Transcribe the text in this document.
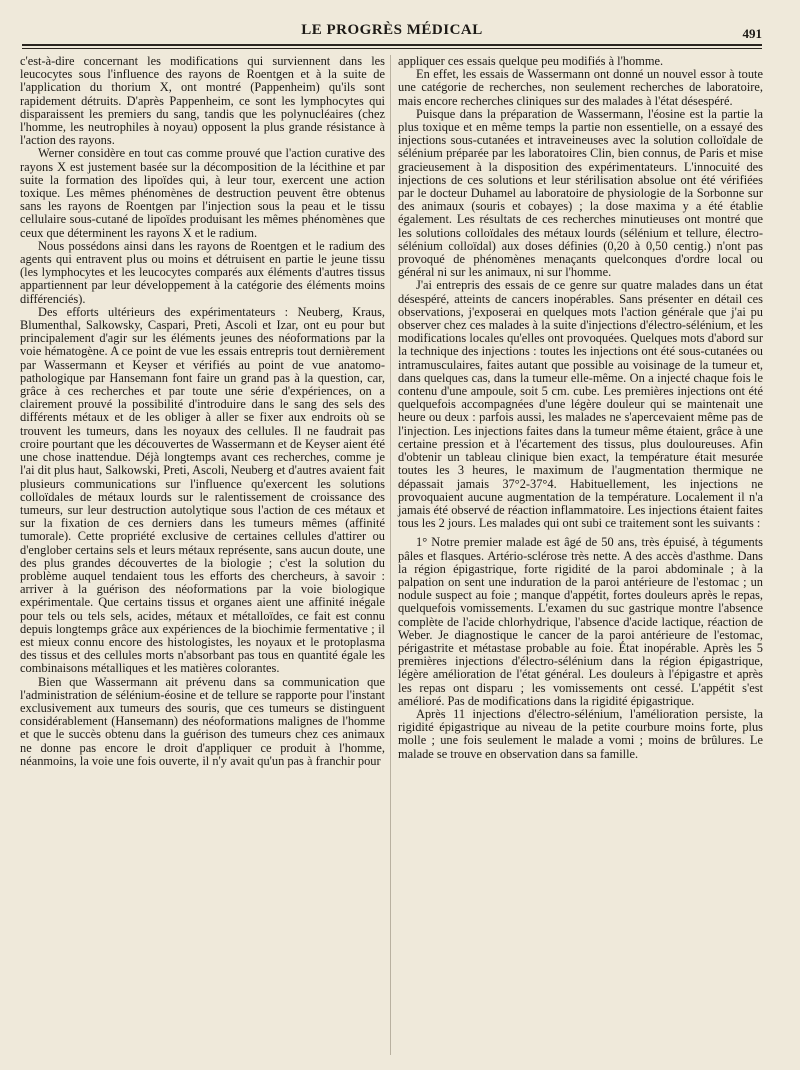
LE PROGRÈS MÉDICAL	491

c'est-à-dire concernant les modifications qui surviennent dans les leucocytes sous l'influence des rayons de Roentgen et à la suite de l'application du thorium X, ont montré (Pappenheim) qu'ils sont rapidement détruits. D'après Pappenheim, ce sont les lymphocytes qui disparaissent les premiers du sang, tandis que les polynucléaires (chez l'homme, les neutrophiles à noyau) opposent la plus grande résistance à l'action des rayons.

Werner considère en tout cas comme prouvé que l'action curative des rayons X est justement basée sur la décomposition de la lécithine et par suite la formation des lipoïdes qui, à leur tour, exercent une action toxique. Les mêmes phénomènes de destruction peuvent être obtenus sans les rayons de Roentgen par l'injection sous la peau et le tissu cellulaire sous-cutané de lipoïdes produisant les mêmes phénomènes que ceux que déterminent les rayons X et le radium.

Nous possédons ainsi dans les rayons de Roentgen et le radium des agents qui entravent plus ou moins et détruisent en partie le jeune tissu (les lymphocytes et les leucocytes comparés aux éléments d'autres tissus appartiennent par leur développement à la catégorie des éléments moins différenciés).

Des efforts ultérieurs des expérimentateurs : Neuberg, Kraus, Blumenthal, Salkowsky, Caspari, Preti, Ascoli et Izar, ont eu pour but principalement d'agir sur les éléments jeunes des néoformations par la voie hématogène. A ce point de vue les essais entrepris tout dernièrement par Wassermann et Keyser et vérifiés au point de vue anatomo-pathologique par Hansemann font faire un grand pas à la question, car, grâce à ces recherches et par toute une série d'expériences, on a clairement prouvé la possibilité d'introduire dans le sang des sels des différents métaux et de les obliger à aller se fixer aux endroits où se trouvent les tumeurs, dans les noyaux des cellules. Il ne faudrait pas croire pourtant que les découvertes de Wassermann et de Keyser aient été une chose inattendue. Déjà longtemps avant ces recherches, comme je l'ai dit plus haut, Salkowski, Preti, Ascoli, Neuberg et d'autres avaient fait plusieurs communications sur l'influence qu'exercent les solutions colloïdales de métaux lourds sur le ralentissement de croissance des tumeurs, sur leur destruction autolytique sous l'action de ces métaux et sur la fixation de ces derniers dans les tumeurs mêmes (affinité tumorale). Cette propriété exclusive de certaines cellules d'attirer ou d'englober certains sels et leurs métaux représente, sans aucun doute, une des plus grandes découvertes de la biologie ; c'est la solution du problème auquel tendaient tous les efforts des chercheurs, à savoir : arriver à la guérison des néoformations par la voie biologique expérimentale. Que certains tissus et organes aient une affinité inégale pour tels ou tels sels, acides, métaux et métalloïdes, ce fait est connu depuis longtemps grâce aux expériences de la biochimie fermentative ; il est mieux connu encore des histologistes, les noyaux et le protoplasma des tissus et des cellules morts n'absorbant pas tous en quantité égale les combinaisons métalliques et les matières colorantes.

Bien que Wassermann ait prévenu dans sa communication que l'administration de sélénium-éosine et de tellure se rapporte pour l'instant exclusivement aux tumeurs des souris, que ces tumeurs se distinguent considérablement (Hansemann) des néoformations malignes de l'homme et que le succès obtenu dans la guérison des tumeurs chez ces animaux ne donne pas encore le droit d'appliquer ce produit à l'homme, néanmoins, la voie une fois ouverte, il n'y avait qu'un pas à franchir pour

appliquer ces essais quelque peu modifiés à l'homme.

En effet, les essais de Wassermann ont donné un nouvel essor à toute une catégorie de recherches, non seulement recherches de laboratoire, mais encore recherches cliniques sur des malades à l'état désespéré.

Puisque dans la préparation de Wassermann, l'éosine est la partie la plus toxique et en même temps la partie non essentielle, on a essayé des injections sous-cutanées et intraveineuses avec la solution colloïdale de sélénium préparée par les laboratoires Clin, bien connus, de Paris et mise gracieusement à la disposition des expérimentateurs. L'innocuité des injections de ces solutions et leur stérilisation absolue ont été vérifiées par le docteur Duhamel au laboratoire de physiologie de la Sorbonne sur des animaux (souris et cobayes) ; la dose maxima y a été établie également. Les résultats de ces recherches minutieuses ont montré que les solutions colloïdales des métaux lourds (sélénium et tellure, électro-sélénium colloïdal) aux doses définies (0,20 à 0,50 centig.) n'ont pas provoqué de phénomènes menaçants quelconques d'ordre local ou général ni sur les animaux, ni sur l'homme.

J'ai entrepris des essais de ce genre sur quatre malades dans un état désespéré, atteints de cancers inopérables. Sans présenter en détail ces observations, j'exposerai en quelques mots l'action générale que j'ai pu observer chez ces malades à la suite d'injections d'électro-sélénium, et les modifications locales qu'elles ont provoquées. Quelques mots d'abord sur la technique des injections : toutes les injections ont été sous-cutanées ou intramusculaires, faites autant que possible au voisinage de la tumeur et, dans quelques cas, dans la tumeur elle-même. On a injecté chaque fois le contenu d'une ampoule, soit 5 cm. cube. Les premières injections ont été quelquefois accompagnées d'une légère douleur qui se maintenait une heure ou deux : parfois aussi, les malades ne s'apercevaient même pas de l'injection. Les injections faites dans la tumeur même étaient, grâce à une certaine pression et à l'écartement des tissus, plus douloureuses. Afin d'obtenir un tableau clinique bien exact, la température était mesurée toutes les 3 heures, le maximum de l'augmentation thermique ne dépassait jamais 37°2-37°4. Habituellement, les injections ne provoquaient aucune augmentation de la température. Localement il n'a jamais été observé de réaction inflammatoire. Les injections étaient faites tous les 2 jours. Les malades qui ont subi ce traitement sont les suivants :

1° Notre premier malade est âgé de 50 ans, très épuisé, à téguments pâles et flasques. Artério-sclérose très nette. A des accès d'asthme. Dans la région épigastrique, forte rigidité de la paroi abdominale ; à la palpation on sent une induration de la paroi antérieure de l'estomac ; un nodule suspect au foie ; manque d'appétit, fortes douleurs après le repas, quelquefois vomissements. L'examen du suc gastrique montre l'absence complète de l'acide chlorhydrique, l'absence d'acide lactique, réaction de Weber. Je diagnostique le cancer de la paroi antérieure de l'estomac, périgastrite et métastase probable au foie. État inopérable. Après les 5 premières injections d'électro-sélénium dans la région épigastrique, légère amélioration de l'état général. Les douleurs à l'épigastre et après les repas ont disparu ; les vomissements ont cessé. L'appétit s'est amélioré. Pas de modifications dans la rigidité épigastrique.

Après 11 injections d'électro-sélénium, l'amélioration persiste, la rigidité épigastrique au niveau de la petite courbure moins forte, plus molle ; une fois seulement le malade a vomi ; moins de brûlures. Le malade se trouve en observation dans sa famille.
